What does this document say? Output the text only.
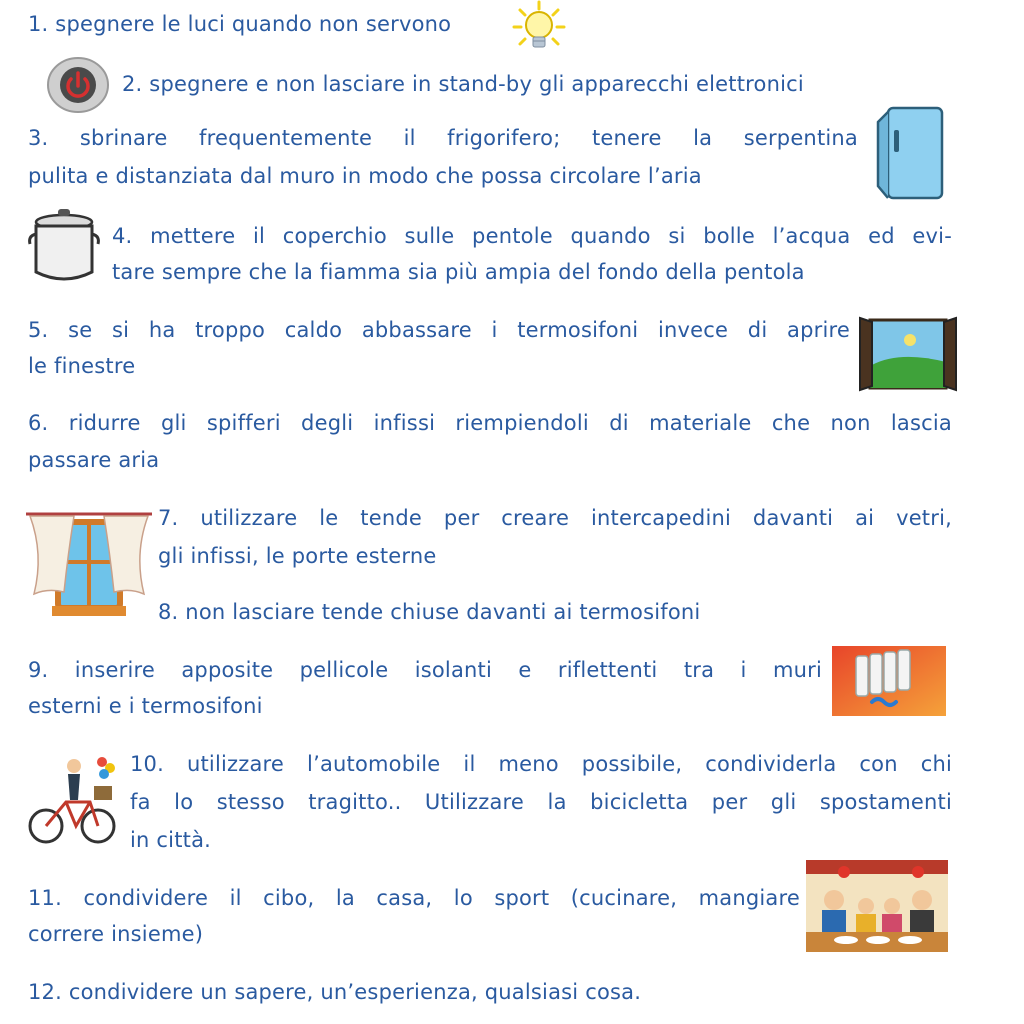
1. spegnere le luci quando non servono
2. spegnere e non lasciare in stand-by gli apparecchi elettronici
3. sbrinare frequentemente il frigorifero; tenere la serpentina
pulita e distanziata dal muro in modo che possa circolare l’aria
4. mettere il coperchio sulle pentole quando si bolle l’acqua ed evi-
tare sempre che la fiamma sia più ampia del fondo della pentola
5. se si ha troppo caldo abbassare i termosifoni invece di aprire
le finestre
6. ridurre gli spifferi degli infissi riempiendoli di materiale che non lascia
passare aria
7. utilizzare le tende per creare intercapedini davanti ai vetri,
gli infissi, le porte esterne
8. non lasciare tende chiuse davanti ai termosifoni
9. inserire apposite pellicole isolanti e riflettenti tra i muri
esterni e i termosifoni
10. utilizzare l’automobile il meno possibile, condividerla con chi
fa lo stesso tragitto.. Utilizzare la bicicletta per gli spostamenti
in città.
11. condividere il cibo, la casa, lo sport (cucinare, mangiare
correre insieme)
12. condividere un sapere, un’esperienza, qualsiasi cosa.
